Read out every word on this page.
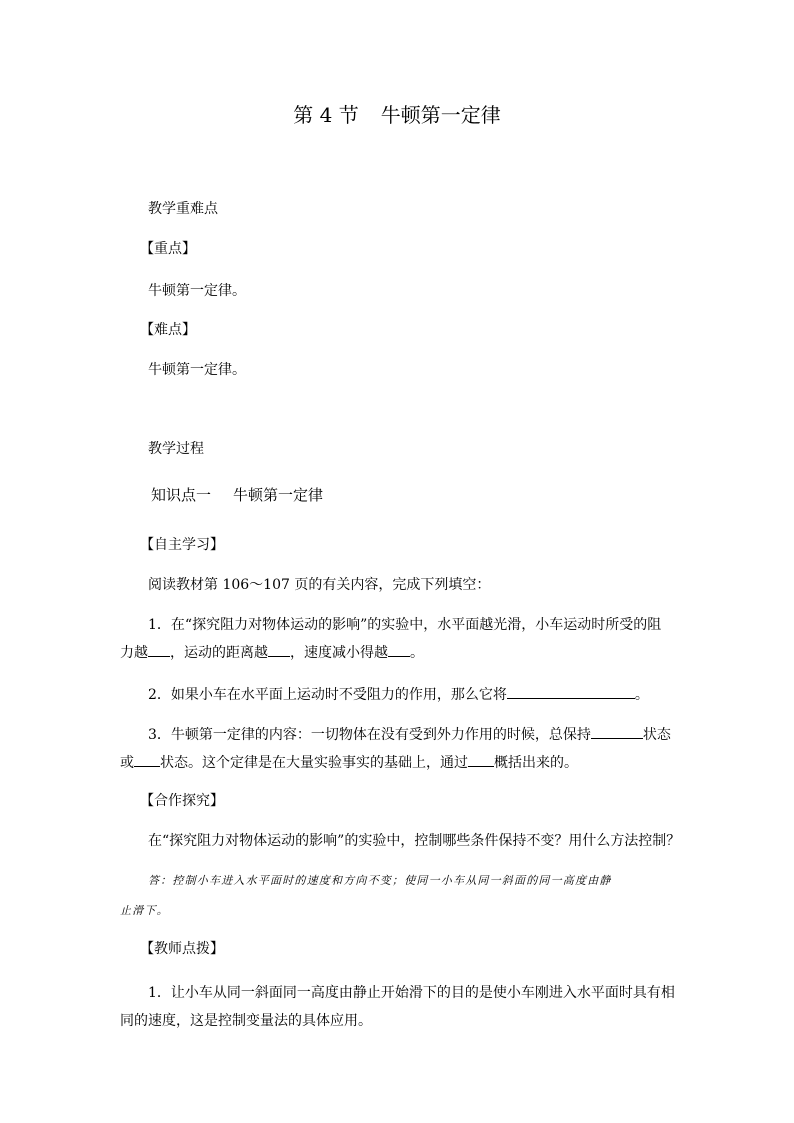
第 4 节 牛顿第一定律
教学重难点
【重点】
牛顿第一定律。
【难点】
牛顿第一定律。
教学过程
知识点一 牛顿第一定律
【自主学习】
阅读教材第 106～107 页的有关内容，完成下列填空：
1．在“探究阻力对物体运动的影响”的实验中，水平面越光滑，小车运动时所受的阻
力越 ，运动的距离越 ，速度减小得越 。
2．如果小车在水平面上运动时不受阻力的作用，那么它将	。
3．牛顿第一定律的内容：一切物体在没有受到外力作用的时候，总保持	状态
或 状态。这个定律是在大量实验事实的基础上，通过 概括出来的。
【合作探究】
在“探究阻力对物体运动的影响”的实验中，控制哪些条件保持不变？用什么方法控制？
答：控制小车进入水平面时的速度和方向不变；使同一小车从同一斜面的同一高度由静
止滑下。
【教师点拨】
1．让小车从同一斜面同一高度由静止开始滑下的目的是使小车刚进入水平面时具有相
同的速度，这是控制变量法的具体应用。
